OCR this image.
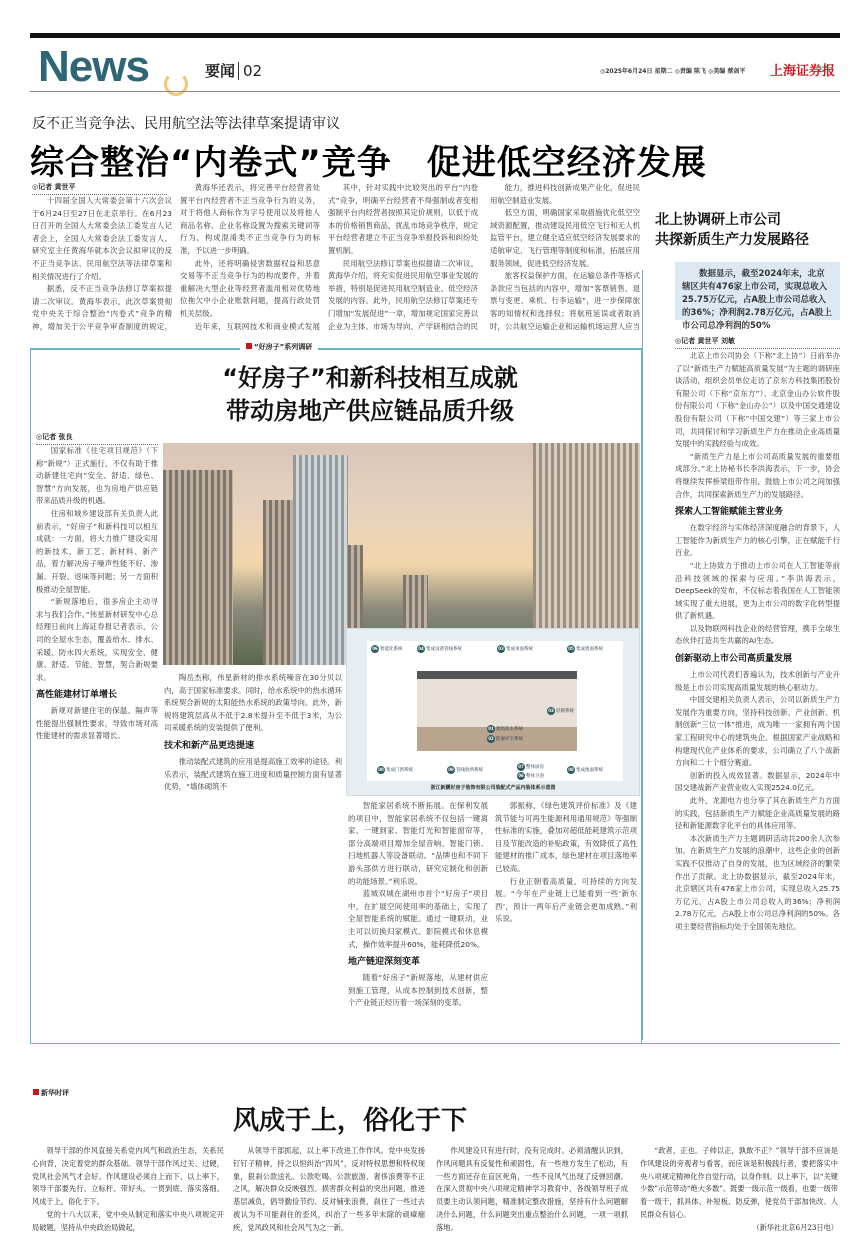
News	要闻 02	◎2025年6月24日 星期二 ◎责编 陈飞 ◎美编 蔡剑平 上海证券报
反不正当竞争法、民用航空法等法律草案提请审议
综合整治“内卷式”竞争　促进低空经济发展
◎记者 黄世平

十四届全国人大常委会第十六次会议于6月24日至27日在北京举行。在6月23日召开的全国人大常委会法工委发言人记者会上，全国人大常委会法工委发言人、研究室主任黄海华就本次会议拟审议的反不正当竞争法、民用航空法等法律草案和相关情况进行了介绍。

据悉，反不正当竞争法修订草案拟提请二次审议。黄海华表示，此次草案贯彻党中央关于综合整治“内卷式”竞争的精神，增加关于公平竞争审查制度的规定，

黄海华还表示，将完善平台经营者处置平台内经营者不正当竞争行为的义务，对于将他人商标作为字号使用以及将他人商品名称、企业名称设置为搜索关键词等行为，构成混淆类不正当竞争行为的标准，予以进一步明确。

此外，还将明确侵害数据权益和恶意交易等不正当竞争行为的构成要件，并着重解决大型企业等经营者滥用相对优势地位拖欠中小企业账款问题，提高行政处罚机关层级。

近年来，互联网技术和商业模式发展

其中，针对实践中比较突出的平台“内卷式”竞争，明确平台经营者不得强制或者变相强制平台内经营者按照其定价规则，以低于成本的价格销售商品，扰乱市场竞争秩序，规定平台经营者建立不正当竞争举报投诉和纠纷处置机制。

民用航空法修订草案也拟提请二次审议。黄海华介绍，将充实促进民用航空事业发展的举措，特别是促进民用航空制造业、低空经济发展的内容。此外，民用航空法修订草案还专门增加“发展促进”一章，增加规定国家完善以企业为主体、市场为导向、产学研相结合的民

能力，推进科技创新成果产业化，促进民用航空制造业发展。

低空方面，明确国家采取措施优化低空空域资源配置，推动建设民用低空飞行和无人机监管平台，建立健全适应低空经济发展要求的适航审定、飞行管理等制度和标准，拓展应用服务领域，促进低空经济发展。

旅客权益保护方面，在运输总条件等格式条款应当包括的内容中，增加“客票销售、退票与变更、乘机、行李运输”，进一步保障旅客的知情权和选择权；将航班延误或者取消时，公共航空运输企业和运输机场运营人应当

北上协调研上市公司
共探新质生产力发展路径
数据显示，截至2024年末，北京辖区共有476家上市公司，实现总收入25.75万亿元，占A股上市公司总收入的36%；净利润2.78万亿元，占A股上市公司总净利润的50%
◎记者 黄世平 刘敏

北京上市公司协会（下称“北上协”）日前举办了以“新质生产力赋能高质量发展”为主题的调研座谈活动，组织会员单位走访了京东方科技集团股份有限公司（下称“京东方”）、北京金山办公软件股份有限公司（下称“金山办公”）以及中国交通建设股份有限公司（下称“中国交建”）等三家上市公司，共同探讨和学习新质生产力在推动企业高质量发展中的实践经验与成效。

“新质生产力是上市公司高质量发展的重要组成部分。”北上协秘书长李洪海表示，下一步，协会将继续发挥桥梁纽带作用，鼓励上市公司之间加强合作，共同探索新质生产力的发展路径。

探索人工智能赋能主营业务

在数字经济与实体经济深度融合的背景下，人工智能作为新质生产力的核心引擎，正在赋能千行百业。

“北上协致力于推动上市公司在人工智能等前沿科技领域的探索与应用。”李洪海表示，DeepSeek的发布，不仅标志着我国在人工智能领域实现了重大进展，更为上市公司的数字化转型提供了新机遇。

以及物联网科技企业的经营管理，携手全球生态伙伴打造共生共赢的AI生态。

创新驱动上市公司高质量发展

上市公司代表们普遍认为，技术创新与产业升级是上市公司实现高质量发展的核心驱动力。

中国交建相关负责人表示，公司以新质生产力发展作为重要方向，坚持科技创新、产业创新、机制创新“三位一体”推进，成为唯一一家拥有两个国家工程研究中心的建筑央企。根据国家产业战略和构建现代化产业体系的要求，公司确立了八个战新方向和二十个细分赛道。

创新的投入成效显著。数据显示，2024年中国交建战新产业营业收入实现2524.0亿元。

此外，龙源电力也分享了其在新质生产力方面的实践，包括新质生产力赋能企业高质量发展的路径和新能源数字化平台的具体应用等。

本次新质生产力主题调研活动共200余人次参加。在新质生产力发展的浪潮中，这些企业的创新实践不仅推动了自身的发展，也为区域经济的繁荣作出了贡献。北上协数据显示，截至2024年末，北京辖区共有476家上市公司，实现总收入25.75万亿元，占A股上市公司总收入的36%；净利润2.78万亿元，占A股上市公司总净利润的50%。各项主要经营指标均处于全国领先地位。

“好房子”系列调研
“好房子”和新科技相互成就
带动房地产供应链品质升级
◎记者 张良

国家标准《住宅项目规范》（下称“新规”）正式施行，不仅有助于推动新建住宅向“安全、舒适、绿色、智慧”方向发展，也为房地产供应链带来品质升级的机遇。

住房和城乡建设部有关负责人此前表示，“好房子”和新科技可以相互成就：一方面，将大力推广建设实用的新技术、新工艺、新材料、新产品，着力解决房子噪声性能不好、渗漏、开裂、返味等问题；另一方面积极推动全屋智能。

“新规落地后，很多房企主动寻求与我们合作。”伟星新材研发中心总经理日前向上海证券报记者表示，公司的全屋水生态，覆盖给水、排水、采暖、防水四大系统，实现安全、健康、舒适、节能、智慧，契合新规要求。

高性能建材订单增长

新规对新建住宅的保温、隔声等性能提出强制性要求，导致市场对高性能建材的需求显著增长。

06 智能化系统	04 集成设备管线系统	03 集成顶面系统	05 集成墙面系统
03 轻钢系统
01 建筑防水系统
02 防渗护卫系统
08 集成门窗系统	09 管线收纳系统
07 整体厨房
06 整体卫浴
08 集成地面系统
浙江新鹏好房子装饰有限公司装配式产品内装体系示意图

陶岳杰称，伟星新材的排水系统噪音在30分贝以内，高于国家标准要求。同时，给水系统中的热水循环系统契合新规的太阳能热水系统的政策导向。此外，新规将建筑层高从不低于2.8米提升至不低于3米，为公司采暖系统的安装提供了便利。

技术和新产品更迭提速

推动装配式建筑的应用是提高施工效率的途径。利乐表示，装配式建筑在施工进度和质量控制方面有显著优势，“墙体砌筑不

智能家居系统不断拓展。在保利发展的项目中，智能家居系统不仅包括一键离家、一键到家、智能灯光和智能窗帘等，部分高端项目增加全屋音响、智能门锁、扫地机器人等设备联动。“品牌也和不同下游头部供方进行联动，研究定制化和创新的功能场景。”利乐说。

蓝城双城在湖州市首个“好房子”项目中，在扩展空间使用率的基础上，实现了全屋智能系统的赋能。通过一键联动，业主可以切换归家模式、影院模式和休息模式，操作效率提升60%，能耗降低20%。

地产链迎深刻变革

随着“好房子”新规落地，从建材供应到施工管理，从成本控制到技术创新，整个产业链正经历着一场深刻的变革。

郭振称，《绿色建筑评价标准》及《建筑节能与可再生能源利用通用规范》等强制性标准的实施，叠加对超低能耗建筑示范项目及节能改造的补贴政策，有效降低了高性能建材的推广成本，绿色建材在项目落地率已较高。

行业正朝着高质量、可持续的方向发展。“今年在产业链上已能看到一些‘新东西’，预计一两年后产业链会更加成熟。”利乐说。

新华时评
风成于上，俗化于下

领导干部的作风直接关系党内风气和政治生态，关系民心向背，决定着党的群众基础。领导干部作风过关、过硬，党风社会风气才会好。作风建设必须自上而下、以上率下，领导干部要先行、立标杆、带好头，一贯到底、落实落细。风成于上，俗化于下。

党的十八大以来，党中央从制定和落实中央八项规定开局破题，坚持从中央政治局做起，

从领导干部抓起，以上率下改进工作作风。党中央发扬钉钉子精神，持之以恒纠治“四风”，反对特权思想和特权现象，狠刹公款送礼、公款吃喝、公款旅游、奢侈浪费等不正之风，解决群众反映强烈、损害群众利益的突出问题，推进基层减负，倡导勤俭节约、反对铺张浪费，刹住了一些过去被认为不可能刹住的歪风，纠治了一些多年未除的顽瘴痼疾，党风政风和社会风气为之一新。

作风建设只有进行时，没有完成时。必须清醒认识到，作风问题具有反复性和顽固性，有一些地方发生了松动，有一些方面还存在盲区死角，一些不良风气出现了反弹回潮。在深入贯彻中央八项规定精神学习教育中，各级领导班子成员要主动认领问题，精准制定整改措施，坚持有什么问题解决什么问题，什么问题突出重点整治什么问题，一项一项抓落地。

“政者，正也。子帅以正，孰敢不正？”领导干部不应该是作风建设的旁观者与看客，而应该是积极践行者，要把落实中央八项规定精神化作自觉行动，以身作则、以上率下，以“关键少数”示范带动“绝大多数”。既要一级示范一级看，也要一级带着一级干，抓具体、补短板、防反弹，使党员干部加快改、人民群众有信心。

（新华社北京6月23日电）
